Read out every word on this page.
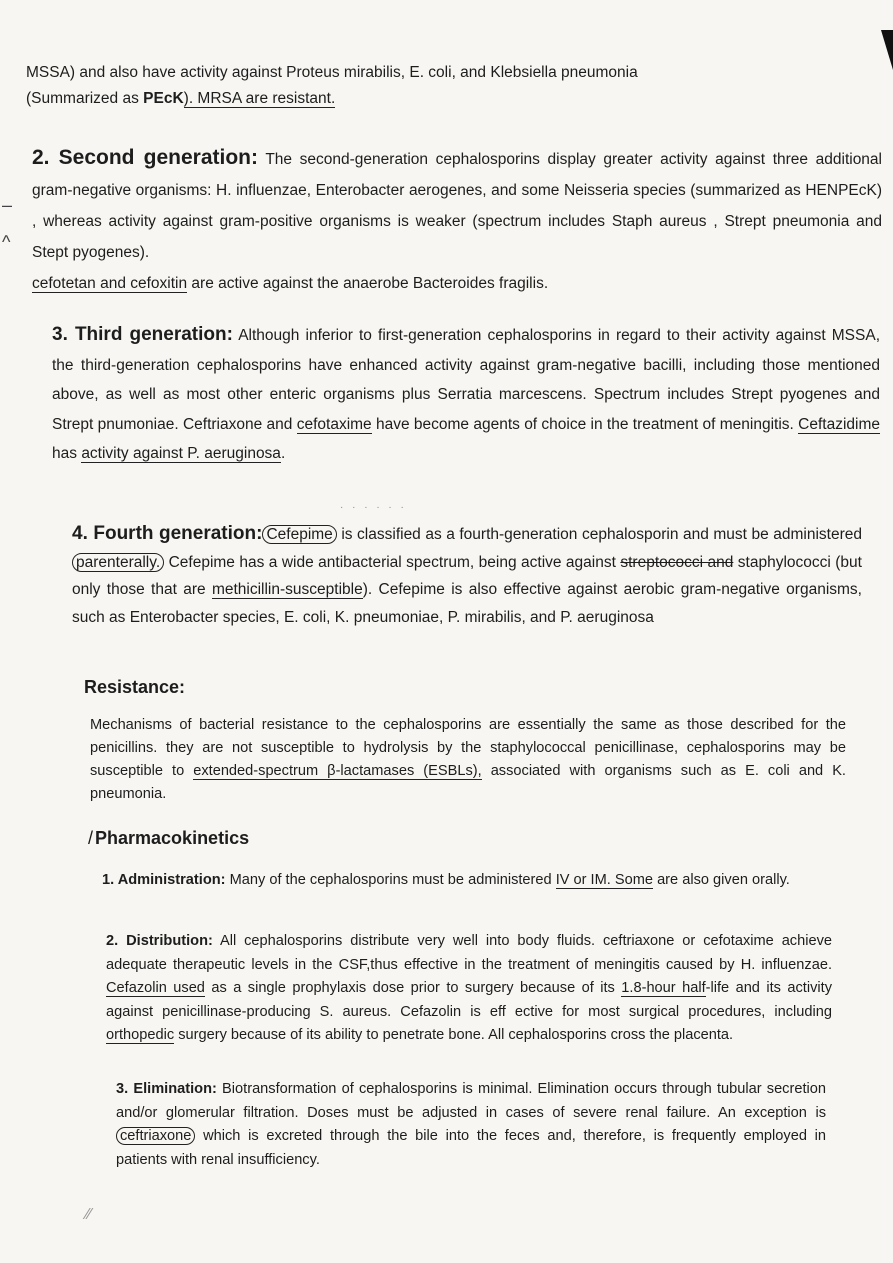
–
^
MSSA) and also have activity against Proteus mirabilis, E. coli, and Klebsiella pneumonia
(Summarized as PEcK). MRSA are resistant.
2. Second generation: The second-generation cephalosporins display greater activity against three additional gram-negative organisms: H. influenzae, Enterobacter aerogenes, and some Neisseria species (summarized as HENPEcK) , whereas activity against gram-positive organisms is weaker (spectrum includes Staph aureus , Strept pneumonia and Stept pyogenes).
cefotetan and cefoxitin are active against the anaerobe Bacteroides fragilis.
3. Third generation: Although inferior to first-generation cephalosporins in regard to their activity against MSSA, the third-generation cephalosporins have enhanced activity against gram-negative bacilli, including those mentioned above, as well as most other enteric organisms plus Serratia marcescens. Spectrum includes Strept pyogenes and Strept pnumoniae. Ceftriaxone and cefotaxime have become agents of choice in the treatment of meningitis. Ceftazidime has activity against P. aeruginosa.
· · · · · ·
4. Fourth generation: Cefepime is classified as a fourth-generation cephalosporin and must be administered parenterally. Cefepime has a wide antibacterial spectrum, being active against streptococci and staphylococci (but only those that are methicillin-susceptible). Cefepime is also effective against aerobic gram-negative organisms, such as Enterobacter species, E. coli, K. pneumoniae, P. mirabilis, and P. aeruginosa
Resistance:
Mechanisms of bacterial resistance to the cephalosporins are essentially the same as those described for the penicillins. they are not susceptible to hydrolysis by the staphylococcal penicillinase, cephalosporins may be susceptible to extended-spectrum β-lactamases (ESBLs), associated with organisms such as E. coli and K. pneumonia.
/ Pharmacokinetics
1. Administration: Many of the cephalosporins must be administered IV or IM. Some are also given orally.
2. Distribution: All cephalosporins distribute very well into body fluids. ceftriaxone or cefotaxime achieve adequate therapeutic levels in the CSF,thus effective in the treatment of meningitis caused by H. influenzae. Cefazolin used as a single prophylaxis dose prior to surgery because of its 1.8-hour half-life and its activity against penicillinase-producing S. aureus. Cefazolin is eff ective for most surgical procedures, including orthopedic surgery because of its ability to penetrate bone. All cephalosporins cross the placenta.
3. Elimination: Biotransformation of cephalosporins is minimal. Elimination occurs through tubular secretion and/or glomerular filtration. Doses must be adjusted in cases of severe renal failure. An exception is ceftriaxone which is excreted through the bile into the feces and, therefore, is frequently employed in patients with renal insufficiency.
⁄⁄
